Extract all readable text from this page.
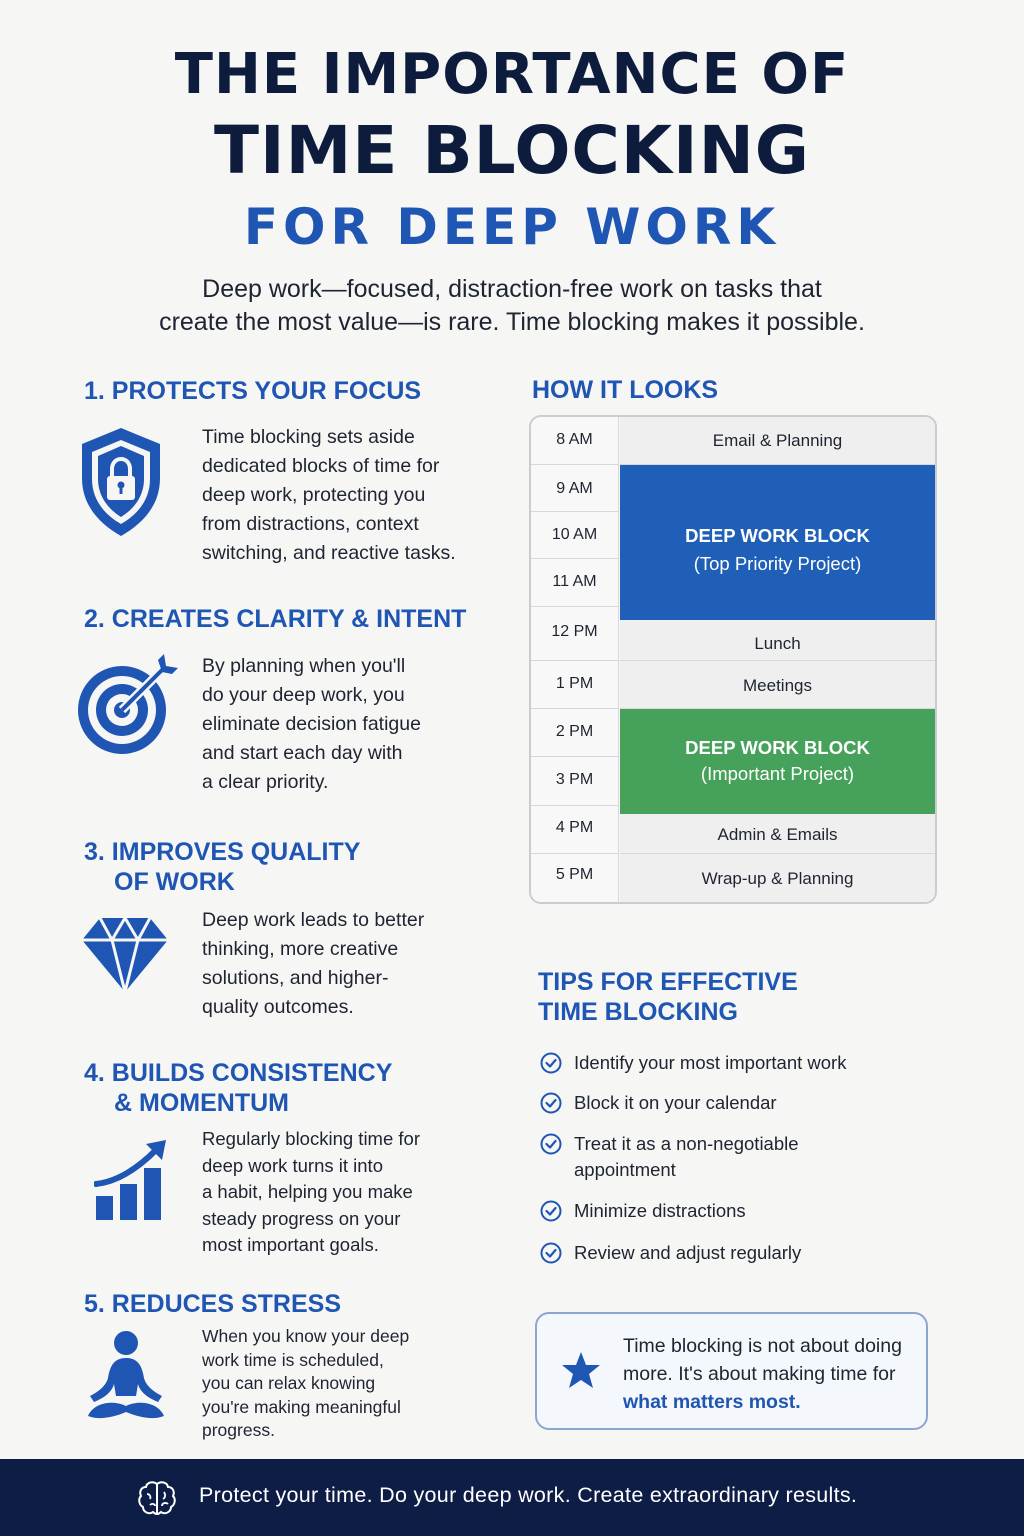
THE IMPORTANCE OF
TIME BLOCKING
FOR DEEP WORK
Deep work—focused, distraction-free work on tasks that
create the most value—is rare. Time blocking makes it possible.
1. PROTECTS YOUR FOCUS
Time blocking sets aside
dedicated blocks of time for
deep work, protecting you
from distractions, context
switching, and reactive tasks.
2. CREATES CLARITY & INTENT
By planning when you'll
do your deep work, you
eliminate decision fatigue
and start each day with
a clear priority.
3. IMPROVES QUALITY
OF WORK
Deep work leads to better
thinking, more creative
solutions, and higher-
quality outcomes.
4. BUILDS CONSISTENCY
& MOMENTUM
Regularly blocking time for
deep work turns it into
a habit, helping you make
steady progress on your
most important goals.
5. REDUCES STRESS
When you know your deep
work time is scheduled,
you can relax knowing
you're making meaningful
progress.
HOW IT LOOKS
8 AM
9 AM
10 AM
11 AM
12 PM
1 PM
2 PM
3 PM
4 PM
5 PM
Email & Planning
DEEP WORK BLOCK
(Top Priority Project)
Lunch
Meetings
DEEP WORK BLOCK
(Important Project)
Admin & Emails
Wrap-up & Planning
TIPS FOR EFFECTIVE
TIME BLOCKING
Identify your most important work
Block it on your calendar
Treat it as a non-negotiable
appointment
Minimize distractions
Review and adjust regularly
Time blocking is not about doing
more. It's about making time for
what matters most.
Protect your time. Do your deep work. Create extraordinary results.
